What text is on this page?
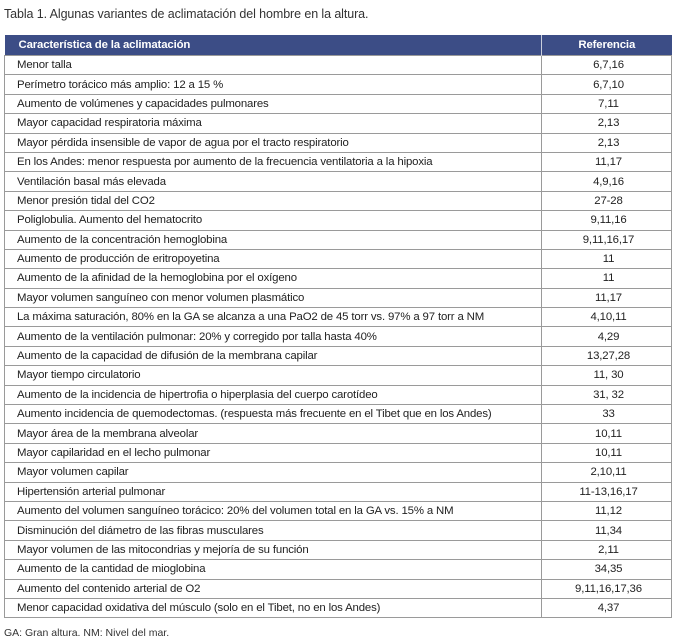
Tabla 1. Algunas variantes de aclimatación del hombre en la altura.
Característica de la aclimatación	Referencia
Menor talla	6,7,16
Perímetro torácico más amplio: 12 a 15 %	6,7,10
Aumento de volúmenes y capacidades pulmonares	7,11
Mayor capacidad respiratoria máxima	2,13
Mayor pérdida insensible de vapor de agua por el tracto respiratorio	2,13
En los Andes: menor respuesta por aumento de la frecuencia ventilatoria a la hipoxia	11,17
Ventilación basal más elevada	4,9,16
Menor presión tidal del CO2	27-28
Poliglobulia. Aumento del hematocrito	9,11,16
Aumento de la concentración hemoglobina	9,11,16,17
Aumento de producción de eritropoyetina	11
Aumento de la afinidad de la hemoglobina por el oxígeno	11
Mayor volumen sanguíneo con menor volumen plasmático	11,17
La máxima saturación, 80% en la GA se alcanza a una PaO2 de 45 torr vs. 97% a 97 torr a NM	4,10,11
Aumento de la ventilación pulmonar: 20% y corregido por talla hasta 40%	4,29
Aumento de la capacidad de difusión de la membrana capilar	13,27,28
Mayor tiempo circulatorio	11, 30
Aumento de la incidencia de hipertrofia o hiperplasia del cuerpo carotídeo	31, 32
Aumento incidencia de quemodectomas. (respuesta más frecuente en el Tibet que en los Andes)	33
Mayor área de la membrana alveolar	10,11
Mayor capilaridad en el lecho pulmonar	10,11
Mayor volumen capilar	2,10,11
Hipertensión arterial pulmonar	11-13,16,17
Aumento del volumen sanguíneo torácico: 20% del volumen total en la GA vs. 15% a NM	11,12
Disminución del diámetro de las fibras musculares	11,34
Mayor volumen de las mitocondrias y mejoría de su función	2,11
Aumento de la cantidad de mioglobina	34,35
Aumento del contenido arterial de O2	9,11,16,17,36
Menor capacidad oxidativa del músculo (solo en el Tibet, no en los Andes)	4,37
GA: Gran altura. NM: Nivel del mar.
